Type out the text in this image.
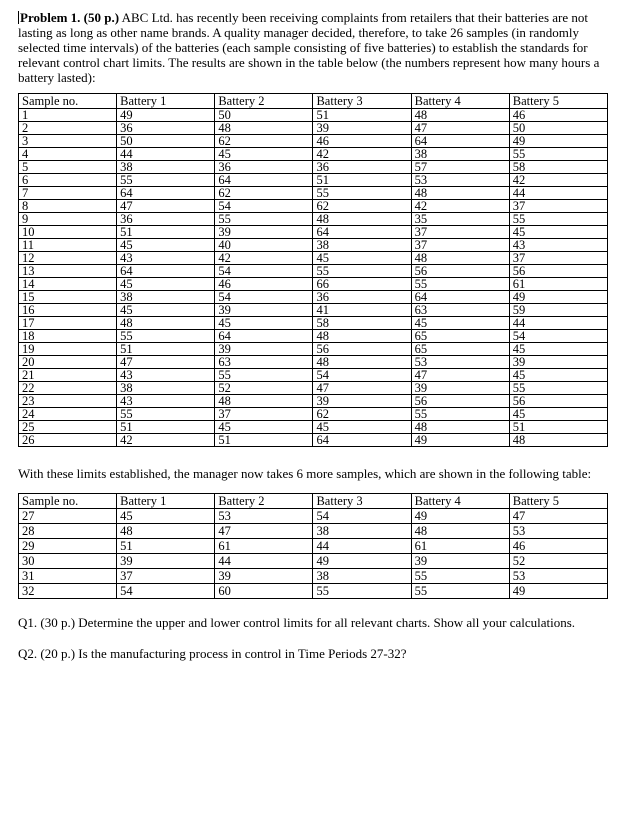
Problem 1. (50 p.) ABC Ltd. has recently been receiving complaints from retailers that their batteries are not lasting as long as other name brands. A quality manager decided, therefore, to take 26 samples (in randomly selected time intervals) of the batteries (each sample consisting of five batteries) to establish the standards for relevant control chart limits. The results are shown in the table below (the numbers represent how many hours a battery lasted):

Sample no.	Battery 1	Battery 2	Battery 3	Battery 4	Battery 5
1	49	50	51	48	46
2	36	48	39	47	50
3	50	62	46	64	49
4	44	45	42	38	55
5	38	36	36	57	58
6	55	64	51	53	42
7	64	62	55	48	44
8	47	54	62	42	37
9	36	55	48	35	55
10	51	39	64	37	45
11	45	40	38	37	43
12	43	42	45	48	37
13	64	54	55	56	56
14	45	46	66	55	61
15	38	54	36	64	49
16	45	39	41	63	59
17	48	45	58	45	44
18	55	64	48	65	54
19	51	39	56	65	45
20	47	63	48	53	39
21	43	55	54	47	45
22	38	52	47	39	55
23	43	48	39	56	56
24	55	37	62	55	45
25	51	45	45	48	51
26	42	51	64	49	48

With these limits established, the manager now takes 6 more samples, which are shown in the following table:

Sample no.	Battery 1	Battery 2	Battery 3	Battery 4	Battery 5
27	45	53	54	49	47
28	48	47	38	48	53
29	51	61	44	61	46
30	39	44	49	39	52
31	37	39	38	55	53
32	54	60	55	55	49

Q1. (30 p.) Determine the upper and lower control limits for all relevant charts. Show all your calculations.

Q2. (20 p.) Is the manufacturing process in control in Time Periods 27-32?
